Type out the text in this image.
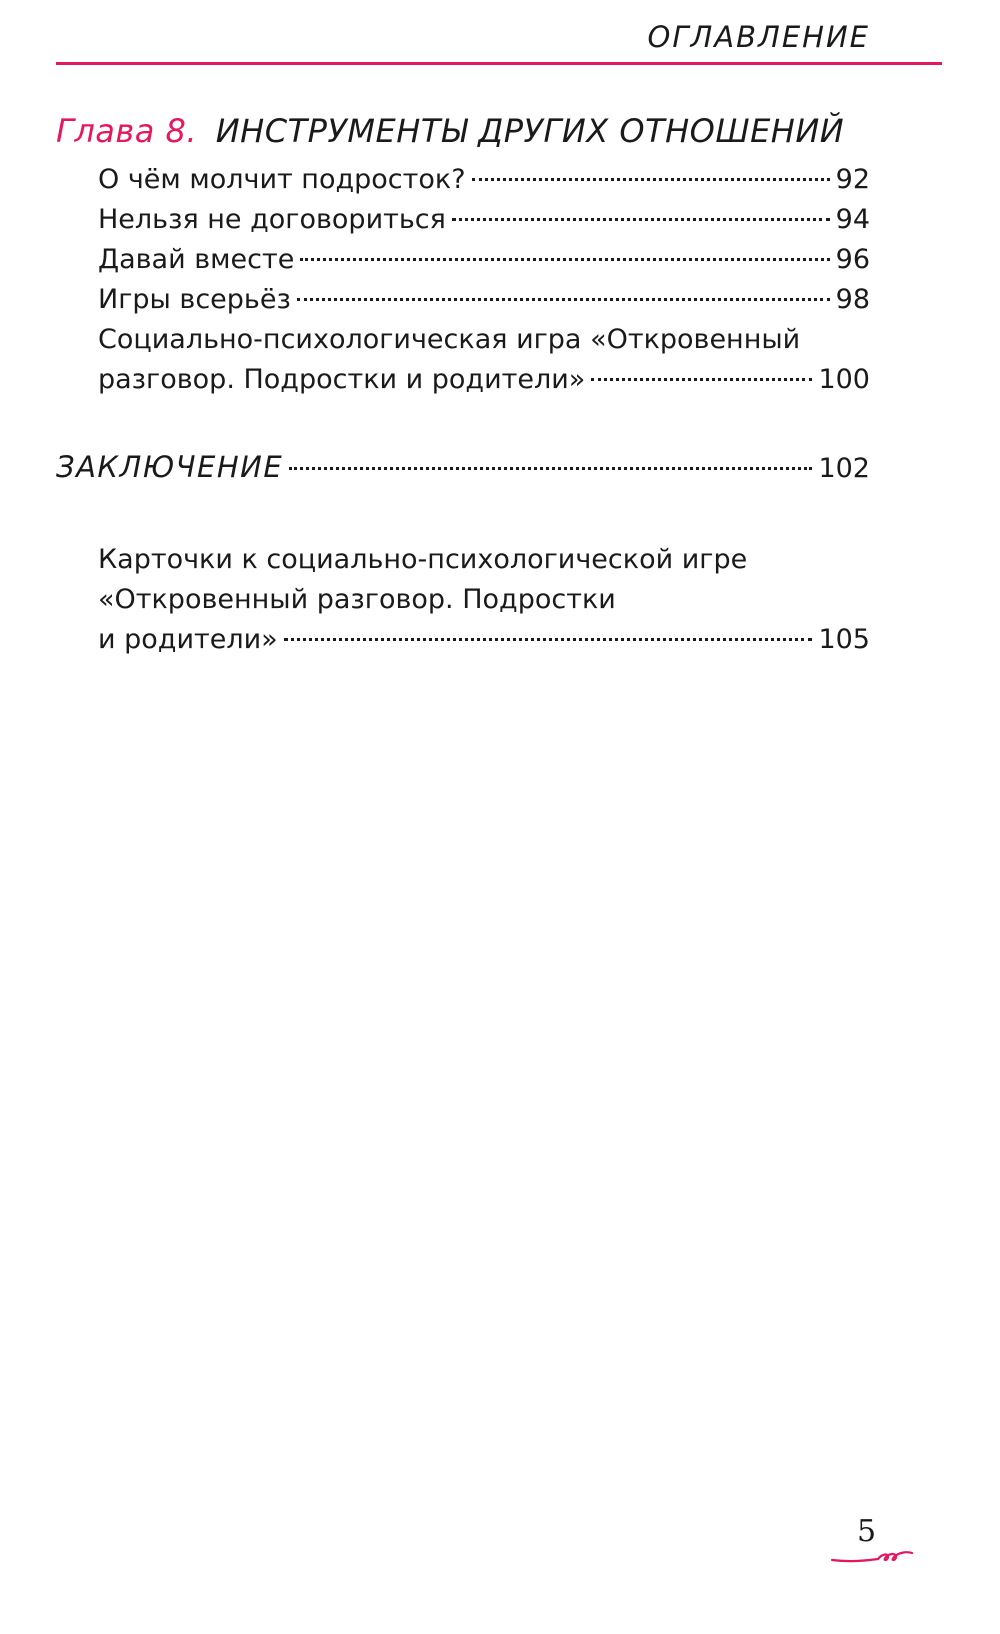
ОГЛАВЛЕНИЕ
Глава 8. ИНСТРУМЕНТЫ ДРУГИХ ОТНОШЕНИЙ
О чём молчит подросток?	92
Нельзя не договориться	94
Давай вместе	96
Игры всерьёз	98
Социально-психологическая игра «Откровенный
разговор. Подростки и родители»	100
ЗАКЛЮЧЕНИЕ	102
Карточки к социально-психологической игре
«Откровенный разговор. Подростки
и родители»	105
5
